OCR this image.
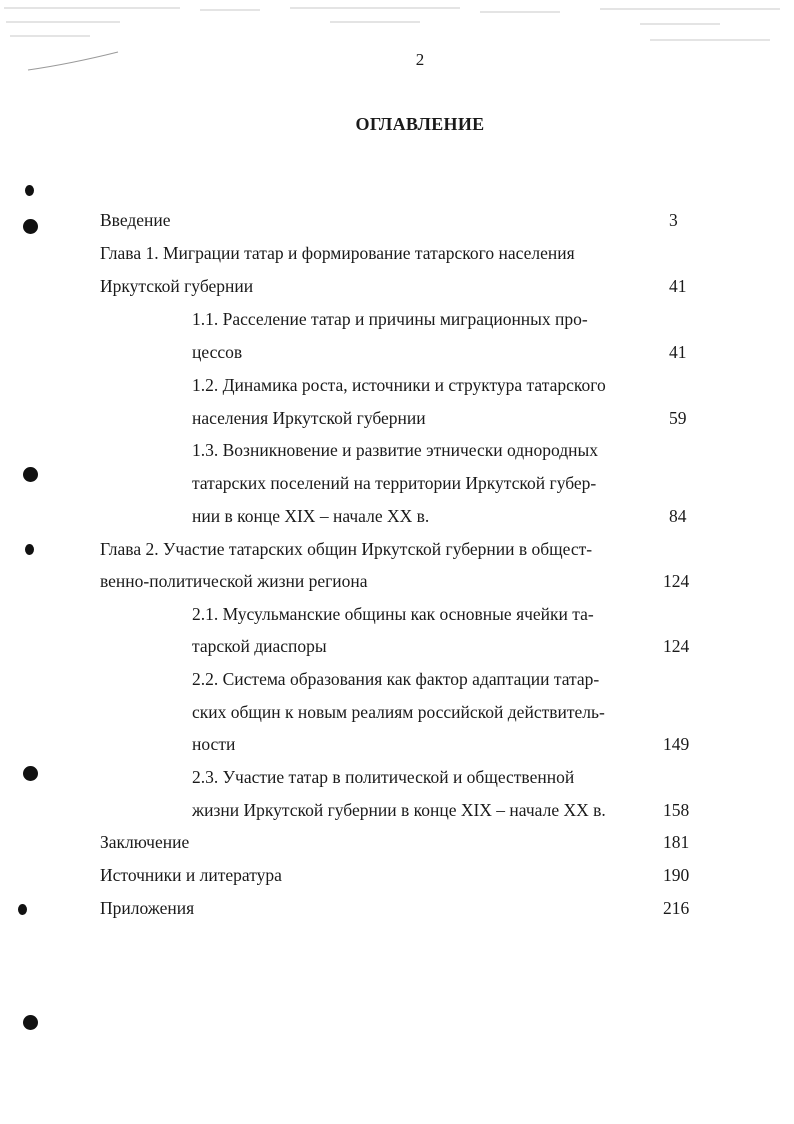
2
ОГЛАВЛЕНИЕ
Введение	3
Глава 1. Миграции татар и формирование татарского населения
Иркутской губернии	41
1.1. Расселение татар и причины миграционных про-
цессов	41
1.2. Динамика роста, источники и структура татарского
населения Иркутской губернии	59
1.3. Возникновение и развитие этнически однородных
татарских поселений на территории Иркутской губер-
нии в конце XIX – начале XX в.	84
Глава 2. Участие татарских общин Иркутской губернии в общест-
венно-политической жизни региона	124
2.1. Мусульманские общины как основные ячейки та-
тарской диаспоры	124
2.2. Система образования как фактор адаптации татар-
ских общин к новым реалиям российской действитель-
ности	149
2.3. Участие татар в политической и общественной
жизни Иркутской губернии в конце XIX – начале XX в.	158
Заключение	181
Источники и литература	190
Приложения	216
